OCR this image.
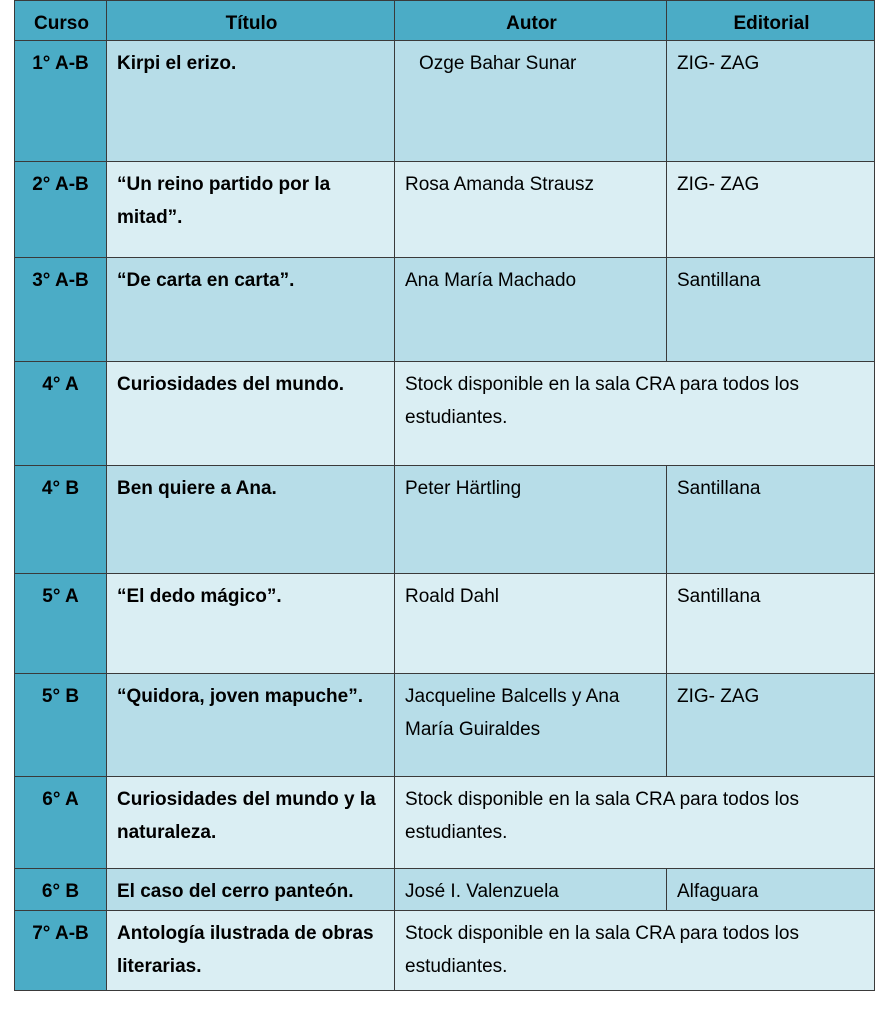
Curso	Título	Autor	Editorial
1° A-B	Kirpi el erizo.	Ozge Bahar Sunar	ZIG- ZAG
2° A-B	“Un reino partido por la mitad”.	Rosa Amanda Strausz	ZIG- ZAG
3° A-B	“De carta en carta”.	Ana María Machado	Santillana
4° A	Curiosidades del mundo.	Stock disponible en la sala CRA para todos los estudiantes.	
4° B	Ben quiere a Ana.	Peter Härtling	Santillana
5° A	“El dedo mágico”.	Roald Dahl	Santillana
5° B	“Quidora, joven mapuche”.	Jacqueline Balcells y Ana María Guiraldes	ZIG- ZAG
6° A	Curiosidades del mundo y la naturaleza.	Stock disponible en la sala CRA para todos los estudiantes.	
6° B	El caso del cerro panteón.	José I. Valenzuela	Alfaguara
7° A-B	Antología ilustrada de obras literarias.	Stock disponible en la sala CRA para todos los estudiantes.	
